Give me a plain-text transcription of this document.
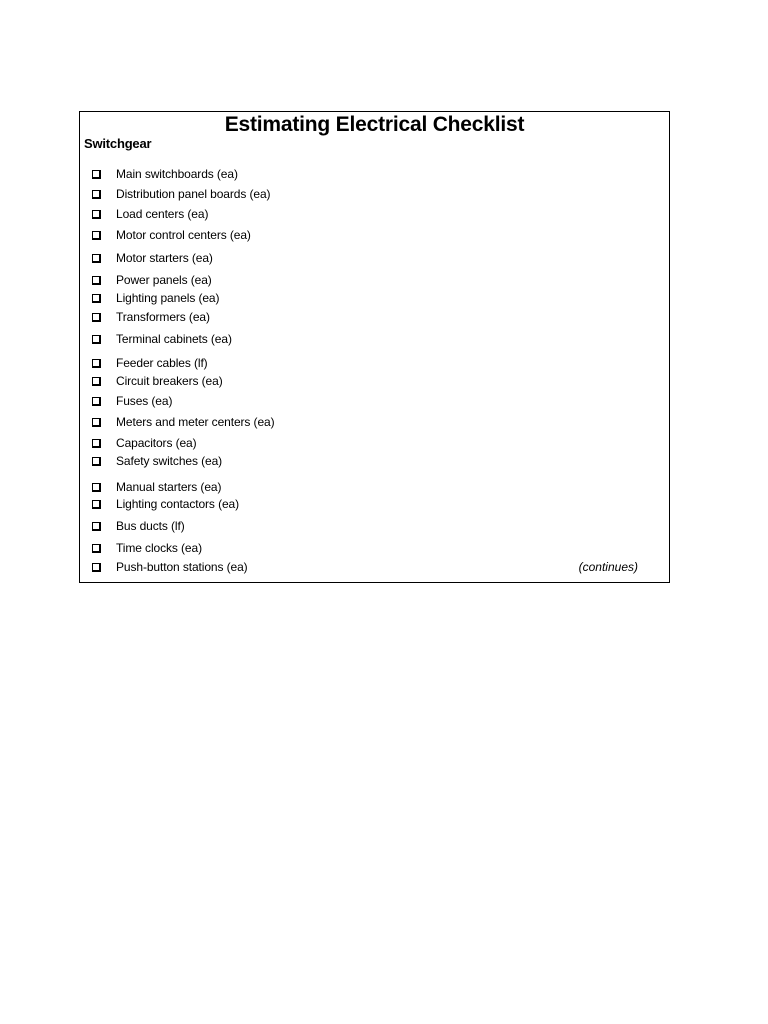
Estimating Electrical Checklist
Switchgear
Main switchboards (ea)
Distribution panel boards (ea)
Load centers (ea)
Motor control centers (ea)
Motor starters (ea)
Power panels (ea)
Lighting panels (ea)
Transformers (ea)
Terminal cabinets (ea)
Feeder cables (lf)
Circuit breakers (ea)
Fuses (ea)
Meters and meter centers (ea)
Capacitors (ea)
Safety switches (ea)
Manual starters (ea)
Lighting contactors (ea)
Bus ducts (lf)
Time clocks (ea)
Push-button stations (ea)	(continues)
